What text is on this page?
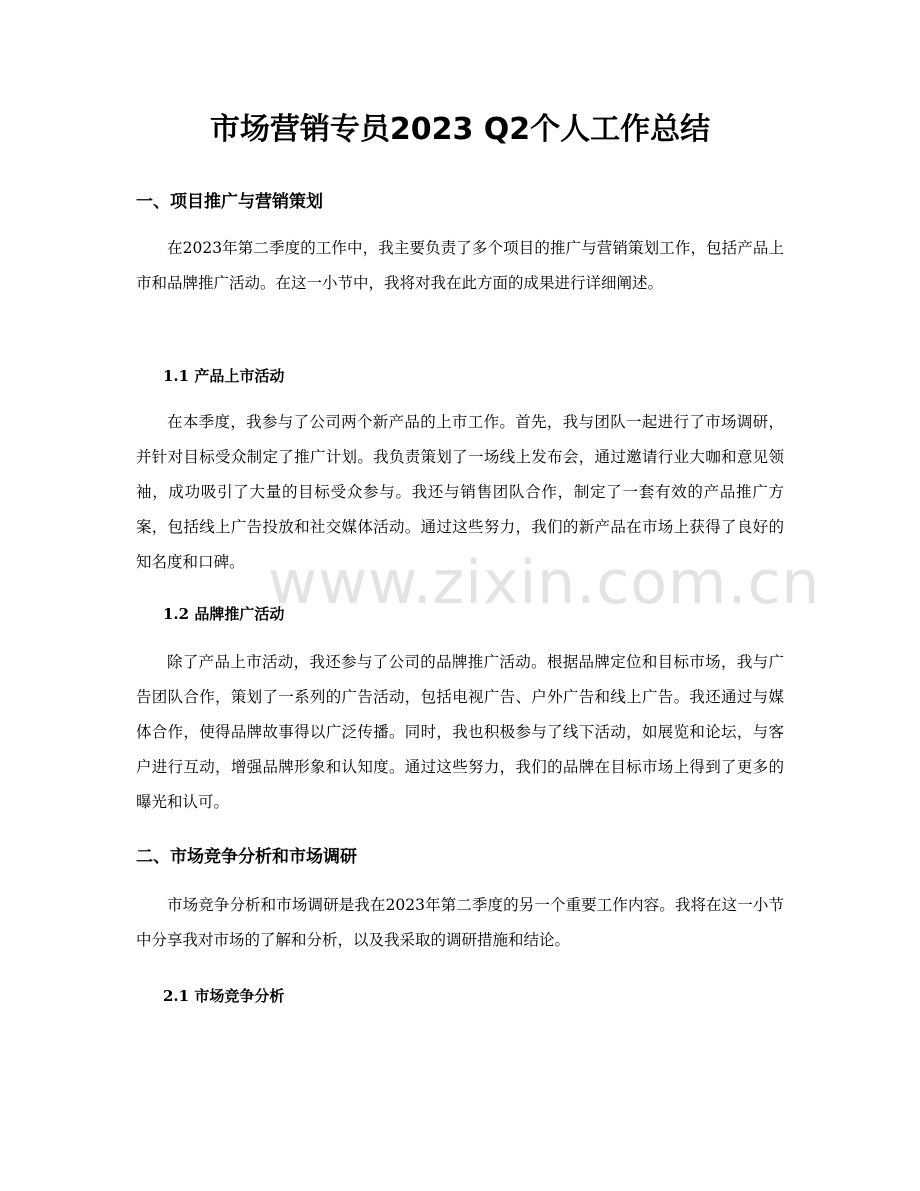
市场营销专员2023 Q2个人工作总结
一、项目推广与营销策划

在2023年第二季度的工作中，我主要负责了多个项目的推广与营销策划工作，包括产品上市和品牌推广活动。在这一小节中，我将对我在此方面的成果进行详细阐述。

1.1 产品上市活动

在本季度，我参与了公司两个新产品的上市工作。首先，我与团队一起进行了市场调研，并针对目标受众制定了推广计划。我负责策划了一场线上发布会，通过邀请行业大咖和意见领袖，成功吸引了大量的目标受众参与。我还与销售团队合作，制定了一套有效的产品推广方案，包括线上广告投放和社交媒体活动。通过这些努力，我们的新产品在市场上获得了良好的知名度和口碑。

1.2 品牌推广活动

除了产品上市活动，我还参与了公司的品牌推广活动。根据品牌定位和目标市场，我与广告团队合作，策划了一系列的广告活动，包括电视广告、户外广告和线上广告。我还通过与媒体合作，使得品牌故事得以广泛传播。同时，我也积极参与了线下活动，如展览和论坛，与客户进行互动，增强品牌形象和认知度。通过这些努力，我们的品牌在目标市场上得到了更多的曝光和认可。

二、市场竞争分析和市场调研

市场竞争分析和市场调研是我在2023年第二季度的另一个重要工作内容。我将在这一小节中分享我对市场的了解和分析，以及我采取的调研措施和结论。

2.1 市场竞争分析
www.zixin.com.cn
